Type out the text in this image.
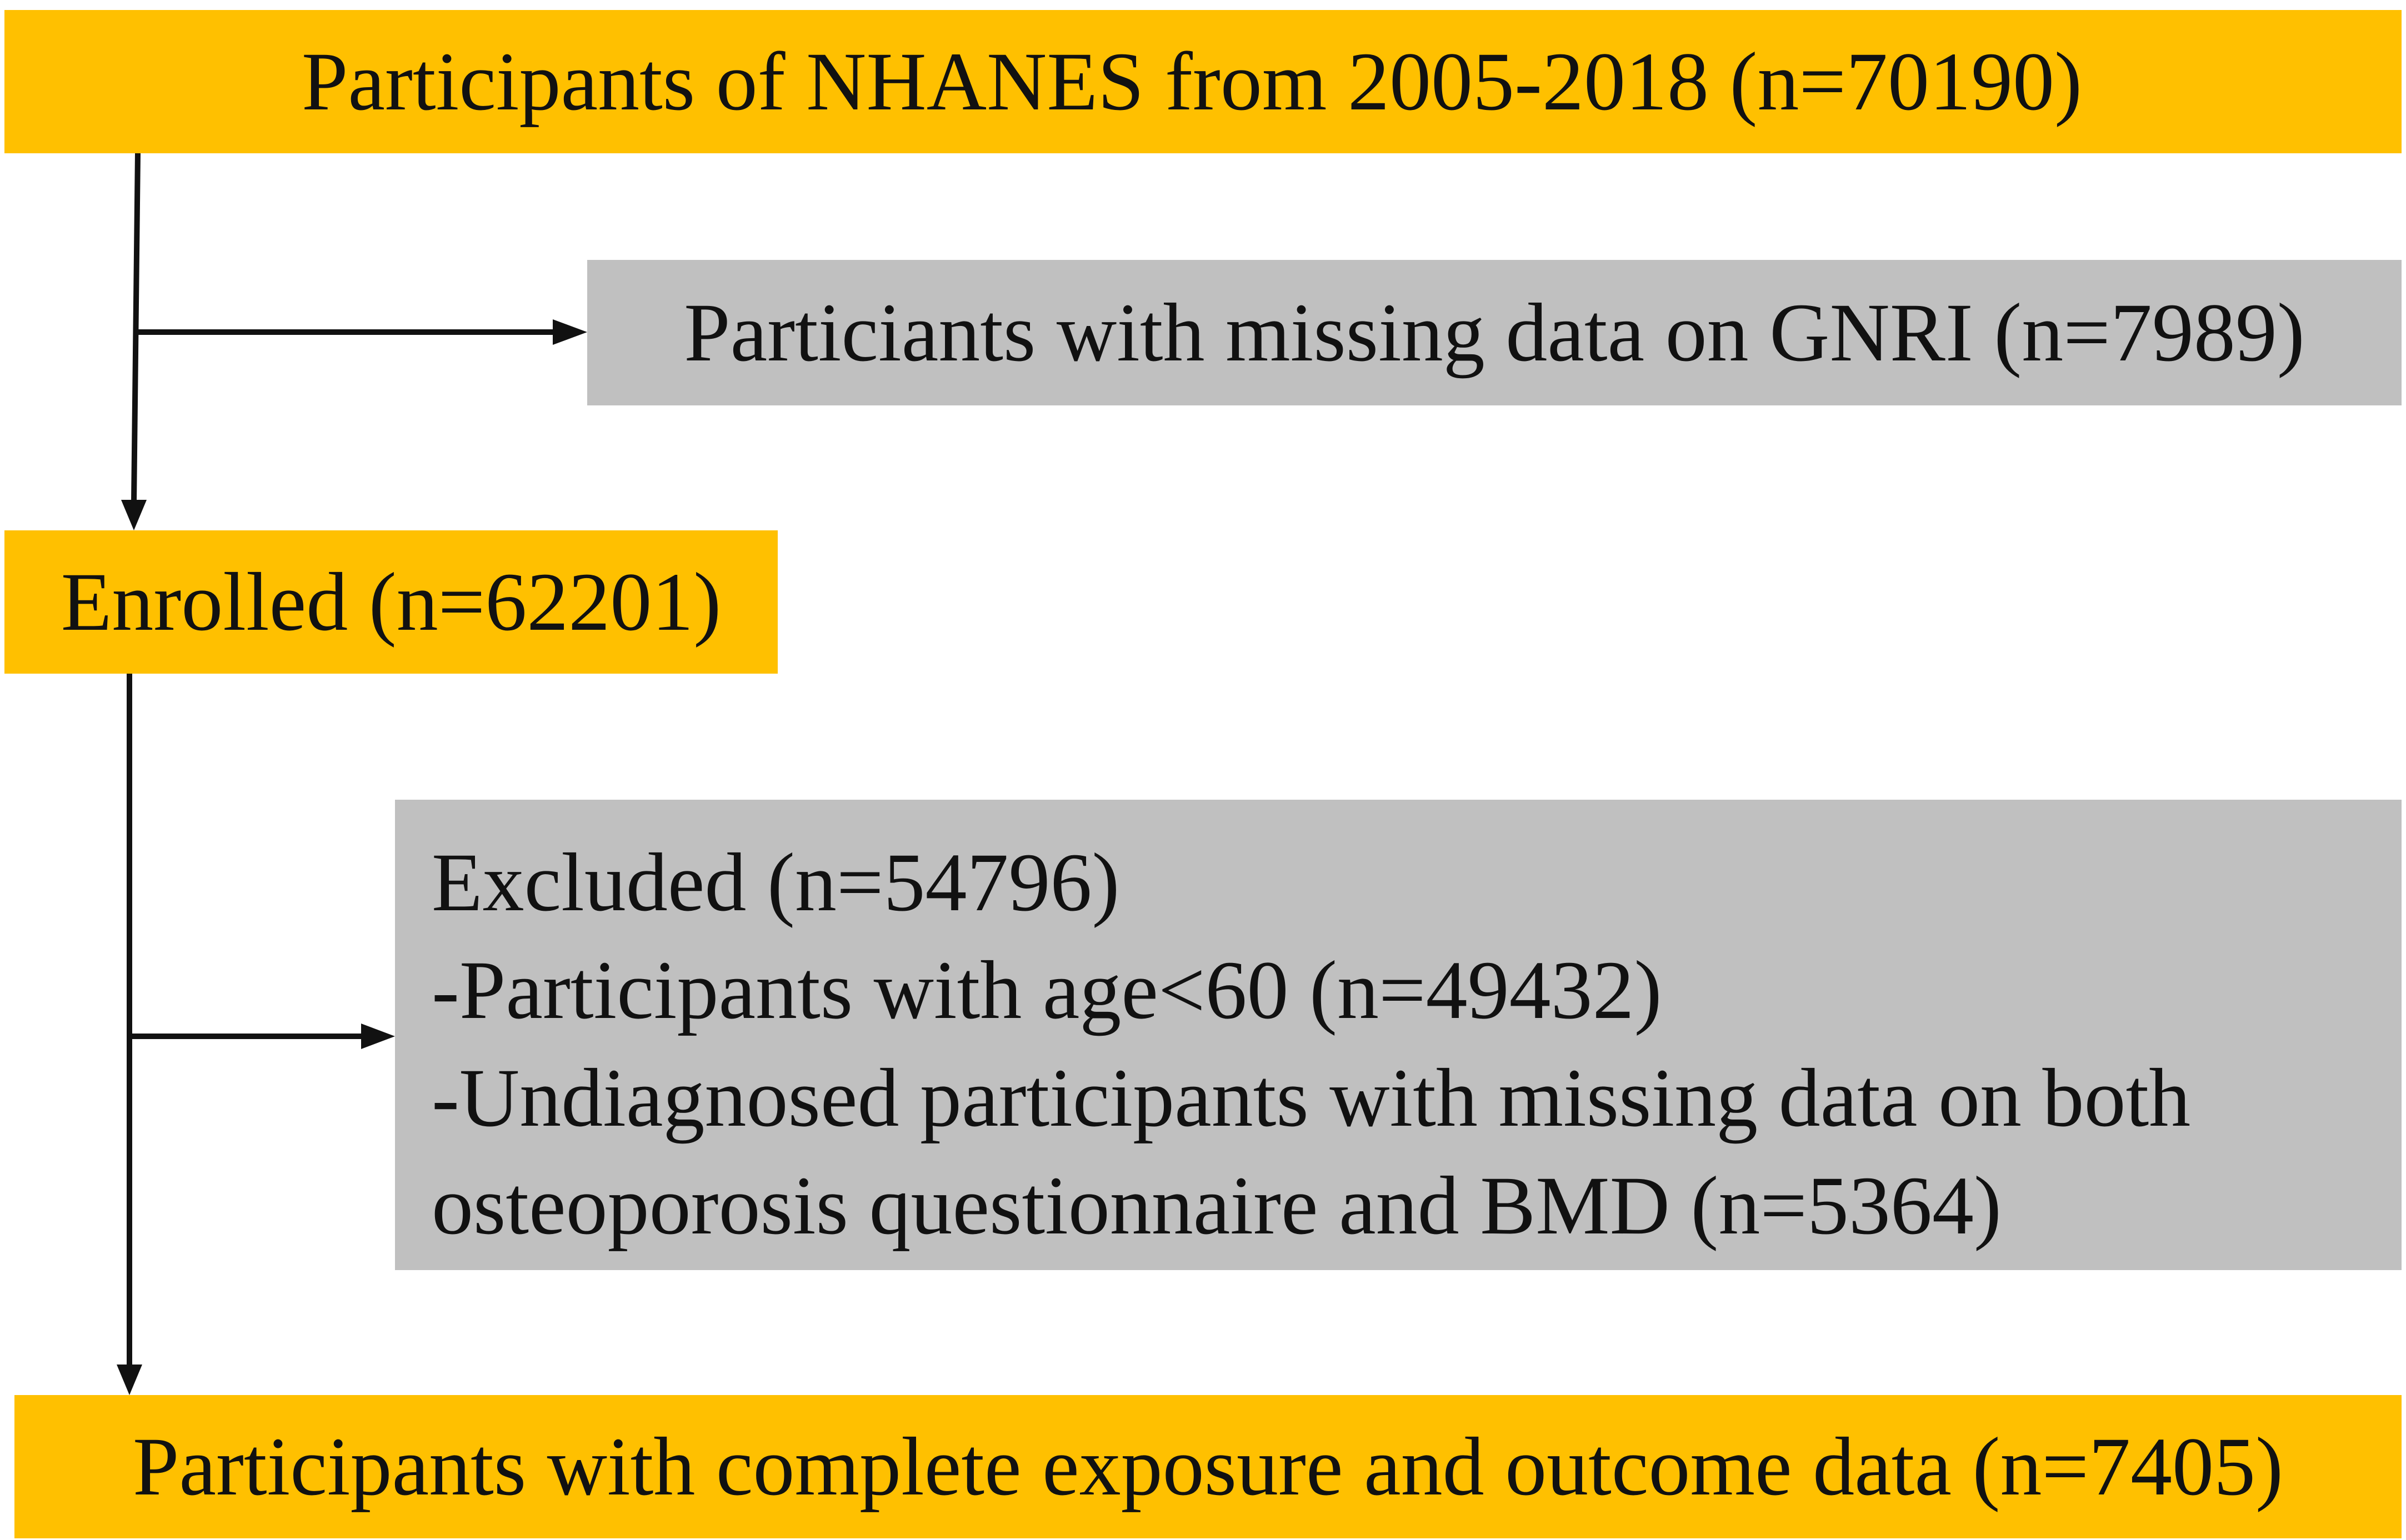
Participants of NHANES from 2005-2018 (n=70190)
Particiants with missing data on GNRI (n=7989)
Enrolled (n=62201)
Excluded (n=54796)
-Participants with age<60 (n=49432)
-Undiagnosed participants with missing data on both
osteoporosis questionnaire and BMD (n=5364)
Participants with complete exposure and outcome data (n=7405)
